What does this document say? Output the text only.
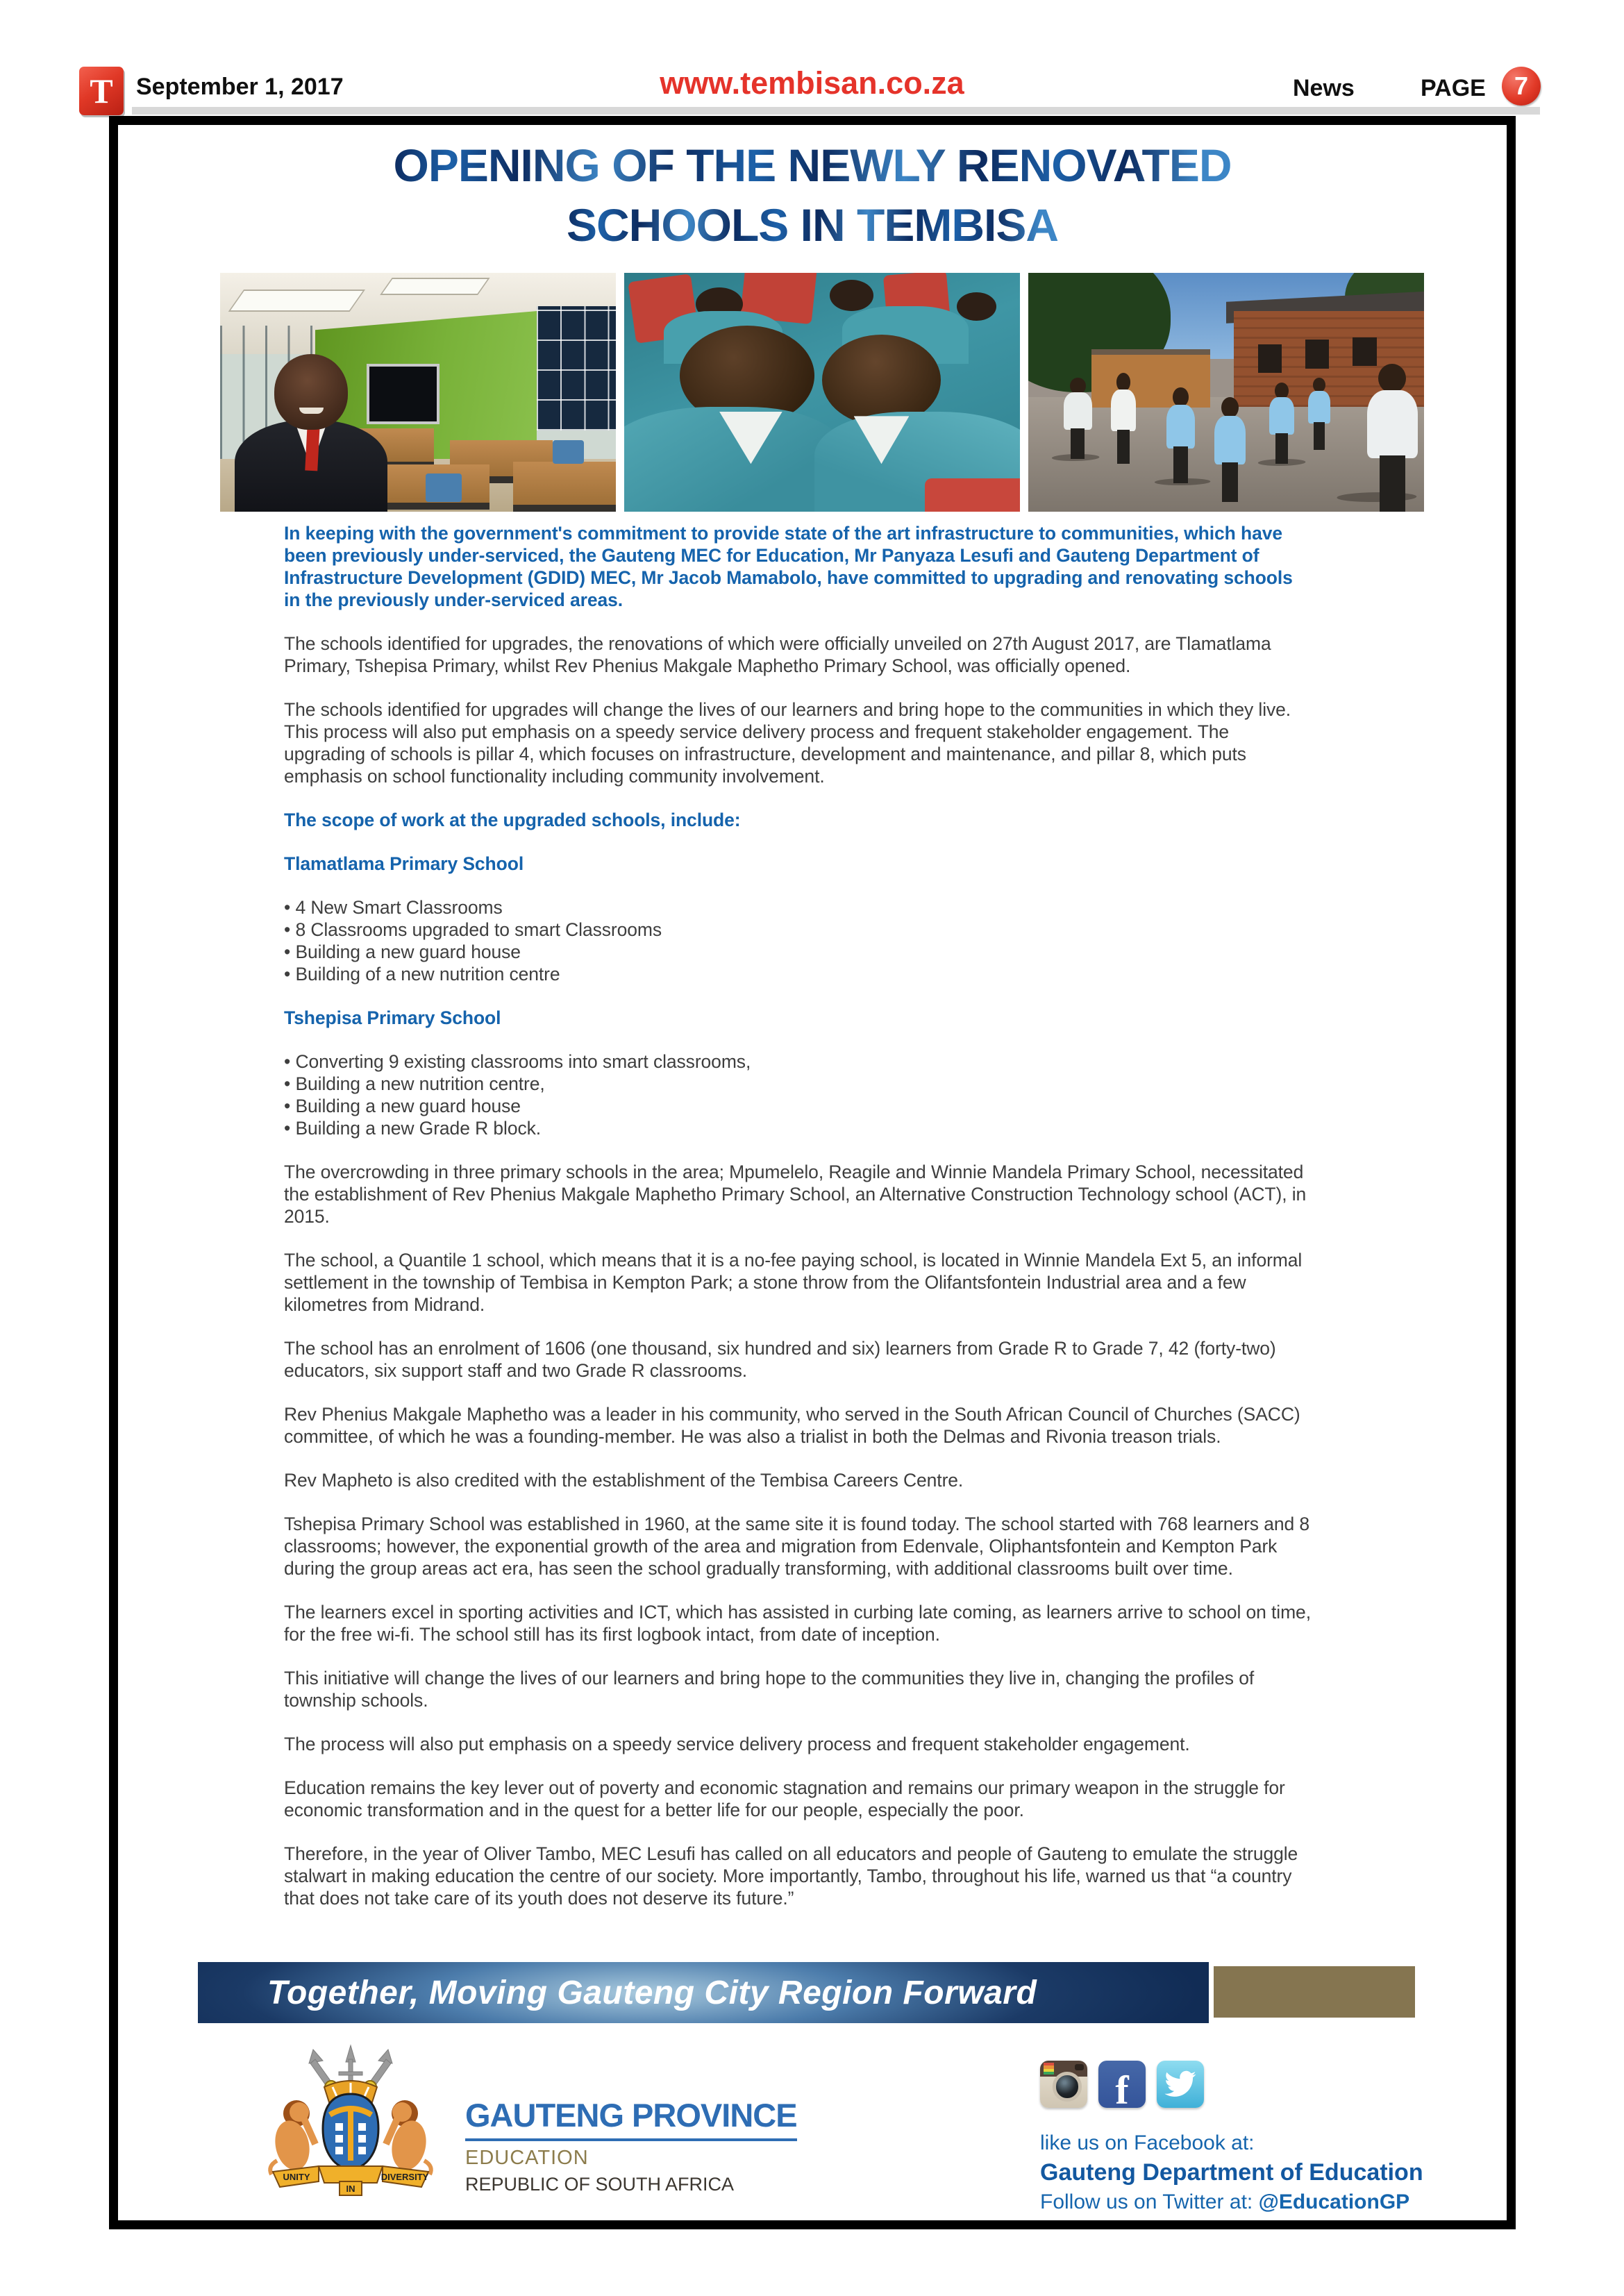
T September 1, 2017	www.tembisan.co.za	News	PAGE 7
OPENING OF THE NEWLY RENOVATED
SCHOOLS IN TEMBISA

In keeping with the government's commitment to provide state of the art infrastructure to communities, which have been previously under-serviced, the Gauteng MEC for Education, Mr Panyaza Lesufi and Gauteng Department of Infrastructure Development (GDID) MEC, Mr Jacob Mamabolo, have committed to upgrading and renovating schools in the previously under-serviced areas.

The schools identified for upgrades, the renovations of which were officially unveiled on 27th August 2017, are Tlamatlama Primary, Tshepisa Primary, whilst Rev Phenius Makgale Maphetho Primary School, was officially opened.

The schools identified for upgrades will change the lives of our learners and bring hope to the communities in which they live. This process will also put emphasis on a speedy service delivery process and frequent stakeholder engagement. The upgrading of schools is pillar 4, which focuses on infrastructure, development and maintenance, and pillar 8, which puts emphasis on school functionality including community involvement.

The scope of work at the upgraded schools, include:

Tlamatlama Primary School

• 4 New Smart Classrooms
• 8 Classrooms upgraded to smart Classrooms
• Building a new guard house
• Building of a new nutrition centre

Tshepisa Primary School

• Converting 9 existing classrooms into smart classrooms,
• Building a new nutrition centre,
• Building a new guard house
• Building a new Grade R block.

The overcrowding in three primary schools in the area; Mpumelelo, Reagile and Winnie Mandela Primary School, necessitated the establishment of Rev Phenius Makgale Maphetho Primary School, an Alternative Construction Technology school (ACT), in 2015.

The school, a Quantile 1 school, which means that it is a no-fee paying school, is located in Winnie Mandela Ext 5, an informal settlement in the township of Tembisa in Kempton Park; a stone throw from the Olifantsfontein Industrial area and a few kilometres from Midrand.

The school has an enrolment of 1606 (one thousand, six hundred and six) learners from Grade R to Grade 7, 42 (forty-two) educators, six support staff and two Grade R classrooms.

Rev Phenius Makgale Maphetho was a leader in his community, who served in the South African Council of Churches (SACC) committee, of which he was a founding-member. He was also a trialist in both the Delmas and Rivonia treason trials.

Rev Mapheto is also credited with the establishment of the Tembisa Careers Centre.

Tshepisa Primary School was established in 1960, at the same site it is found today. The school started with 768 learners and 8 classrooms; however, the exponential growth of the area and migration from Edenvale, Oliphantsfontein and Kempton Park during the group areas act era, has seen the school gradually transforming, with additional classrooms built over time.

The learners excel in sporting activities and ICT, which has assisted in curbing late coming, as learners arrive to school on time, for the free wi-fi. The school still has its first logbook intact, from date of inception.

This initiative will change the lives of our learners and bring hope to the communities they live in, changing the profiles of township schools.

The process will also put emphasis on a speedy service delivery process and frequent stakeholder engagement.

Education remains the key lever out of poverty and economic stagnation and remains our primary weapon in the struggle for economic transformation and in the quest for a better life for our people, especially the poor.

Therefore, in the year of Oliver Tambo, MEC Lesufi has called on all educators and people of Gauteng to emulate the struggle stalwart in making education the centre of our society. More importantly, Tambo, throughout his life, warned us that “a country that does not take care of its youth does not deserve its future.”

Together, Moving Gauteng City Region Forward
UNITY
IN
DIVERSITY
GAUTENG PROVINCE
EDUCATION
REPUBLIC OF SOUTH AFRICA
f
like us on Facebook at:
Gauteng Department of Education
Follow us on Twitter at: @EducationGP
